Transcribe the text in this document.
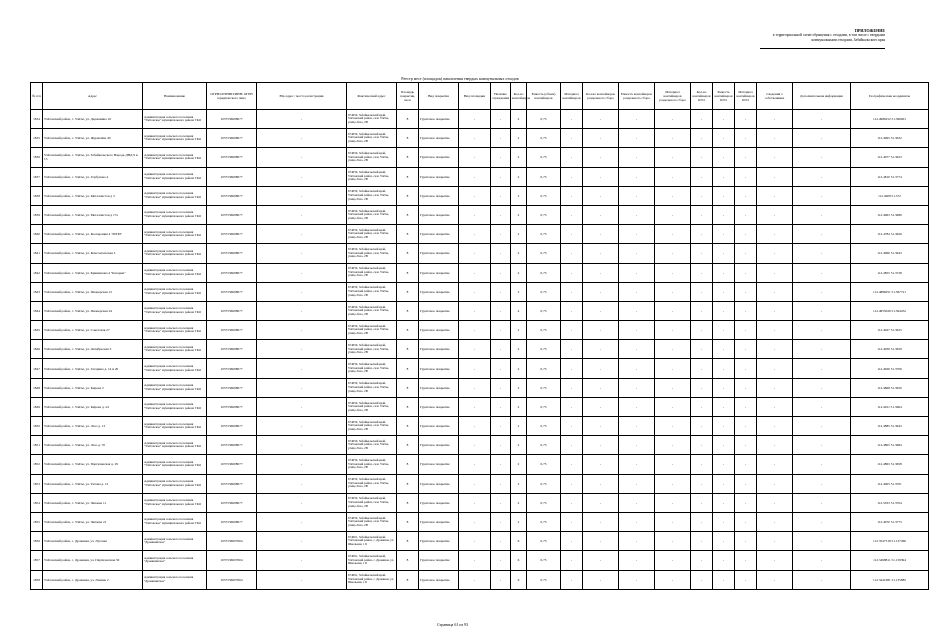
ПРИЛОЖЕНИЕ
к территориальной схеме обращения с отходами, в том числе с твердыми
коммунальными отходами, Забайкальского края
Реестр мест (площадок) накопления твердых коммунальных отходов
№ п/п	Адрес	Наименование	ОГРН/ОГРНИП/ИНН/ ОГРН юридического лица	Юр адрес / место регистрации	Фактический адрес	Площадь покрытия, кв.м	Вид покрытия	Вид площадки	Наличие ограждения	Кол-во контейнеров	Емкость (объем) контейнеров	Материал контейнеров	Кол-во контейнеров раздельного сбора	Емкость контейнеров раздельного сбора	Материал контейнеров раздельного сбора	Кол-во контейнеров КГО	Емкость контейнеров КГО	Материал контейнеров КГО	Сведения о собственнике	Дополнительная информация	Географические координаты
1834	Улётовский район, с. Улёты, ул. Державина 10	Администрация сельского поселения "Улётовское" муниципального района ТКО	1057536008077	-	674050, Забайкальский край, Улётовский район, село Улёты, улица Лазо, 2В	8	Грунтовое покрытие	-	-	2	0,75	-	-	-	-	-	-	-	-	-	112.4986252 51.366001
1835	Улётовский район, с. Улёты, ул. Журавлёва 40	Администрация сельского поселения "Улётовское" муниципального района ТКО	1057536008077	-	674050, Забайкальский край, Улётовский район, село Улёты, улица Лазо, 2В	8	Грунтовое покрытие	-	-	2	0,75	-	-	-	-	-	-	-	-	-	112.4995 51.3632
1836	Улётовский район, с. Улёты, ул. Забайкальского Народа-ДНД 9 и 15	Администрация сельского поселения "Улётовское" муниципального района ТКО	1057536008077	-	674050, Забайкальский край, Улётовский район, село Улёты, улица Лазо, 2В	8	Грунтовое покрытие	-	-	2	0,75	-	-	-	-	-	-	-	-	-	112.4977 51.3623
1837	Улётовский район, с. Улёты, ул. Горбунова 4	Администрация сельского поселения "Улётовское" муниципального района ТКО	1057536008077	-	674050, Забайкальский край, Улётовский район, село Улёты, улица Лазо, 2В	8	Грунтовое покрытие	-	-	2	0,75	-	-	-	-	-	-	-	-	-	112.4810 51.3774
1838	Улётовский район, с. Улёты, ул. Металлистов д 3	Администрация сельского поселения "Улётовское" муниципального района ТКО	1057536008077	-	674050, Забайкальский край, Улётовский район, село Улёты, улица Лазо, 2В	8	Грунтовое покрытие	-	-	2	0,75	-	-	-	-	-	-	-	-	-	112.4908 51.372
1839	Улётовский район, с. Улёты, ул. Металлистов д 17а	Администрация сельского поселения "Улётовское" муниципального района ТКО	1057536008077	-	674050, Забайкальский край, Улётовский район, село Улёты, улица Лазо, 2В	8	Грунтовое покрытие	-	-	2	0,75	-	-	-	-	-	-	-	-	-	112.4963 51.3689
1840	Улётовский район, с. Улёты, ул. Кооперация 4 "МТМ"	Администрация сельского поселения "Улётовское" муниципального района ТКО	1057536008077	-	674050, Забайкальский край, Улётовский район, село Улёты, улица Лазо, 2В	8	Грунтовое покрытие	-	-	2	0,75	-	-	-	-	-	-	-	-	-	112.4784 51.3626
1841	Улётовский район, с. Улёты, ул. Комсомольская 3	Администрация сельского поселения "Улётовское" муниципального района ТКО	1057536008077	-	674050, Забайкальский край, Улётовский район, село Улёты, улица Лазо, 2В	8	Грунтовое покрытие	-	-	2	0,75	-	-	-	-	-	-	-	-	-	112.4966 51.3643
1842	Улётовский район, с. Улёты, ул. Кривенкова 4 "Казарма"	Администрация сельского поселения "Улётовское" муниципального района ТКО	1057536008077	-	674050, Забайкальский край, Улётовский район, село Улёты, улица Лазо, 2В	8	Грунтовое покрытие	-	-	2	0,75	-	-	-	-	-	-	-	-	-	112.4855 51.3728
1843	Улётовский район, с. Улёты, ул. Пионерская 12	Администрация сельского поселения "Улётовское" муниципального района ТКО	1057536008077	-	674050, Забайкальский край, Улётовский район, село Улёты, улица Лазо, 2В	8	Грунтовое покрытие	-	-	2	0,75	-	-	-	-	-	-	-	-	-	112.4886051 51.367721
1844	Улётовский район, с. Улёты, ул. Пионерская 24	Администрация сельского поселения "Улётовское" муниципального района ТКО	1057536008077	-	674050, Забайкальский край, Улётовский район, село Улёты, улица Лазо, 2В	8	Грунтовое покрытие	-	-	4	0,75	-	-	-	-	-	-	-	-	-	112.4855026 51.364452
1845	Улётовский район, с. Улёты, ул. Советская 27	Администрация сельского поселения "Улётовское" муниципального района ТКО	1057536008077	-	674050, Забайкальский край, Улётовский район, село Улёты, улица Лазо, 2В	8	Грунтовое покрытие	-	-	2	0,75	-	-	-	-	-	-	-	-	-	112.4927 51.3625
1846	Улётовский район, с. Улёты, ул. Октябрьская 3	Администрация сельского поселения "Улётовское" муниципального района ТКО	1057536008077	-	674050, Забайкальский край, Улётовский район, село Улёты, улица Лазо, 2В	8	Грунтовое покрытие	-	-	2	0,75	-	-	-	-	-	-	-	-	-	112.4939 51.3659
1847	Улётовский район, с. Улёты, ул. Гагарина д. 14 и 20	Администрация сельского поселения "Улётовское" муниципального района ТКО	1057536008077	-	674050, Забайкальский край, Улётовский район, село Улёты, улица Лазо, 2В	8	Грунтовое покрытие	-	-	2	0,75	-	-	-	-	-	-	-	-	-	112.4926 51.3709
1848	Улётовский район, с. Улёты, ул. Кирова 2	Администрация сельского поселения "Улётовское" муниципального района ТКО	1057536008077	-	674050, Забайкальский край, Улётовский район, село Улёты, улица Лазо, 2В	8	Грунтовое покрытие	-	-	2	0,75	-	-	-	-	-	-	-	-	-	112.4868 51.3650
1849	Улётовский район, с. Улёты, ул. Кирова д. 24	Администрация сельского поселения "Улётовское" муниципального района ТКО	1057536008077	-	674050, Забайкальский край, Улётовский район, село Улёты, улица Лазо, 2В	8	Грунтовое покрытие	-	-	2	0,75	-	-	-	-	-	-	-	-	-	112.4911 51.3664
1850	Улётовский район, с. Улёты, ул. Лазо д. 13	Администрация сельского поселения "Улётовское" муниципального района ТКО	1057536008077	-	674050, Забайкальский край, Улётовский район, село Улёты, улица Лазо, 2В	8	Грунтовое покрытие	-	-	2	0,75	-	-	-	-	-	-	-	-	-	112.4885 51.3643
1851	Улётовский район, с. Улёты, ул. Лазо д. 70	Администрация сельского поселения "Улётовское" муниципального района ТКО	1057536008077	-	674050, Забайкальский край, Улётовский район, село Улёты, улица Лазо, 2В	8	Грунтовое покрытие	-	-	2	0,75	-	-	-	-	-	-	-	-	-	112.4805 51.3684
1852	Улётовский район, с. Улёты, ул. Партизанская д. 29	Администрация сельского поселения "Улётовское" муниципального района ТКО	1057536008077	-	674050, Забайкальский край, Улётовский район, село Улёты, улица Лазо, 2В	8	Грунтовое покрытие	-	-	2	0,75	-	-	-	-	-	-	-	-	-	112.4863 51.3658
1853	Улётовский район, с. Улёты, ул. Титова д. 12	Администрация сельского поселения "Улётовское" муниципального района ТКО	1057536008077	-	674050, Забайкальский край, Улётовский район, село Улёты, улица Лазо, 2В	8	Грунтовое покрытие	-	-	2	0,75	-	-	-	-	-	-	-	-	-	112.4905 51.3701
1854	Улётовский район, с. Улёты, ул. Чапаева 11	Администрация сельского поселения "Улётовское" муниципального района ТКО	1057536008077	-	674050, Забайкальский край, Улётовский район, село Улёты, улица Лазо, 2В	8	Грунтовое покрытие	-	-	2	0,75	-	-	-	-	-	-	-	-	-	112.5033 51.3704
1855	Улётовский район, с. Улёты, ул. Чапаева 21	Администрация сельского поселения "Улётовское" муниципального района ТКО	1057536008077	-	674050, Забайкальский край, Улётовский район, село Улёты, улица Лазо, 2В	8	Грунтовое покрытие	-	-	2	0,75	-	-	-	-	-	-	-	-	-	112.4970 51.3773
1856	Улётовский район, с. Дровяная, ул. Луговая	Администрация сельского поселения "Дровянинское"	1057536007604	-	674061, Забайкальский край, Улётовский район, с. Дровяная, ул. Школьная, 1 Б	8	Грунтовое покрытие	-	-	6	0,75	-	-	-	-	-	-	-	-	-	112.3547518 51.137460
1857	Улётовский район, с. Дровяная, ул. Партизанская 30	Администрация сельского поселения "Дровянинское"	1057536007604	-	674061, Забайкальский край, Улётовский район, с. Дровяная, ул. Школьная, 1 Б	8	Грунтовое покрытие	-	-	6	0,75	-	-	-	-	-	-	-	-	-	112.3498811 51.139394
1858	Улётовский район, с. Дровяная, ул. Ленина 2	Администрация сельского поселения "Дровянинское"	1057536007604	-	674061, Забайкальский край, Улётовский район, с. Дровяная, ул. Школьная, 1 Б	8	Грунтовое покрытие	-	-	6	0,75	-	-	-	-	-	-	-	-	-	112.3441981 51.135885
Страница 61 из 93
